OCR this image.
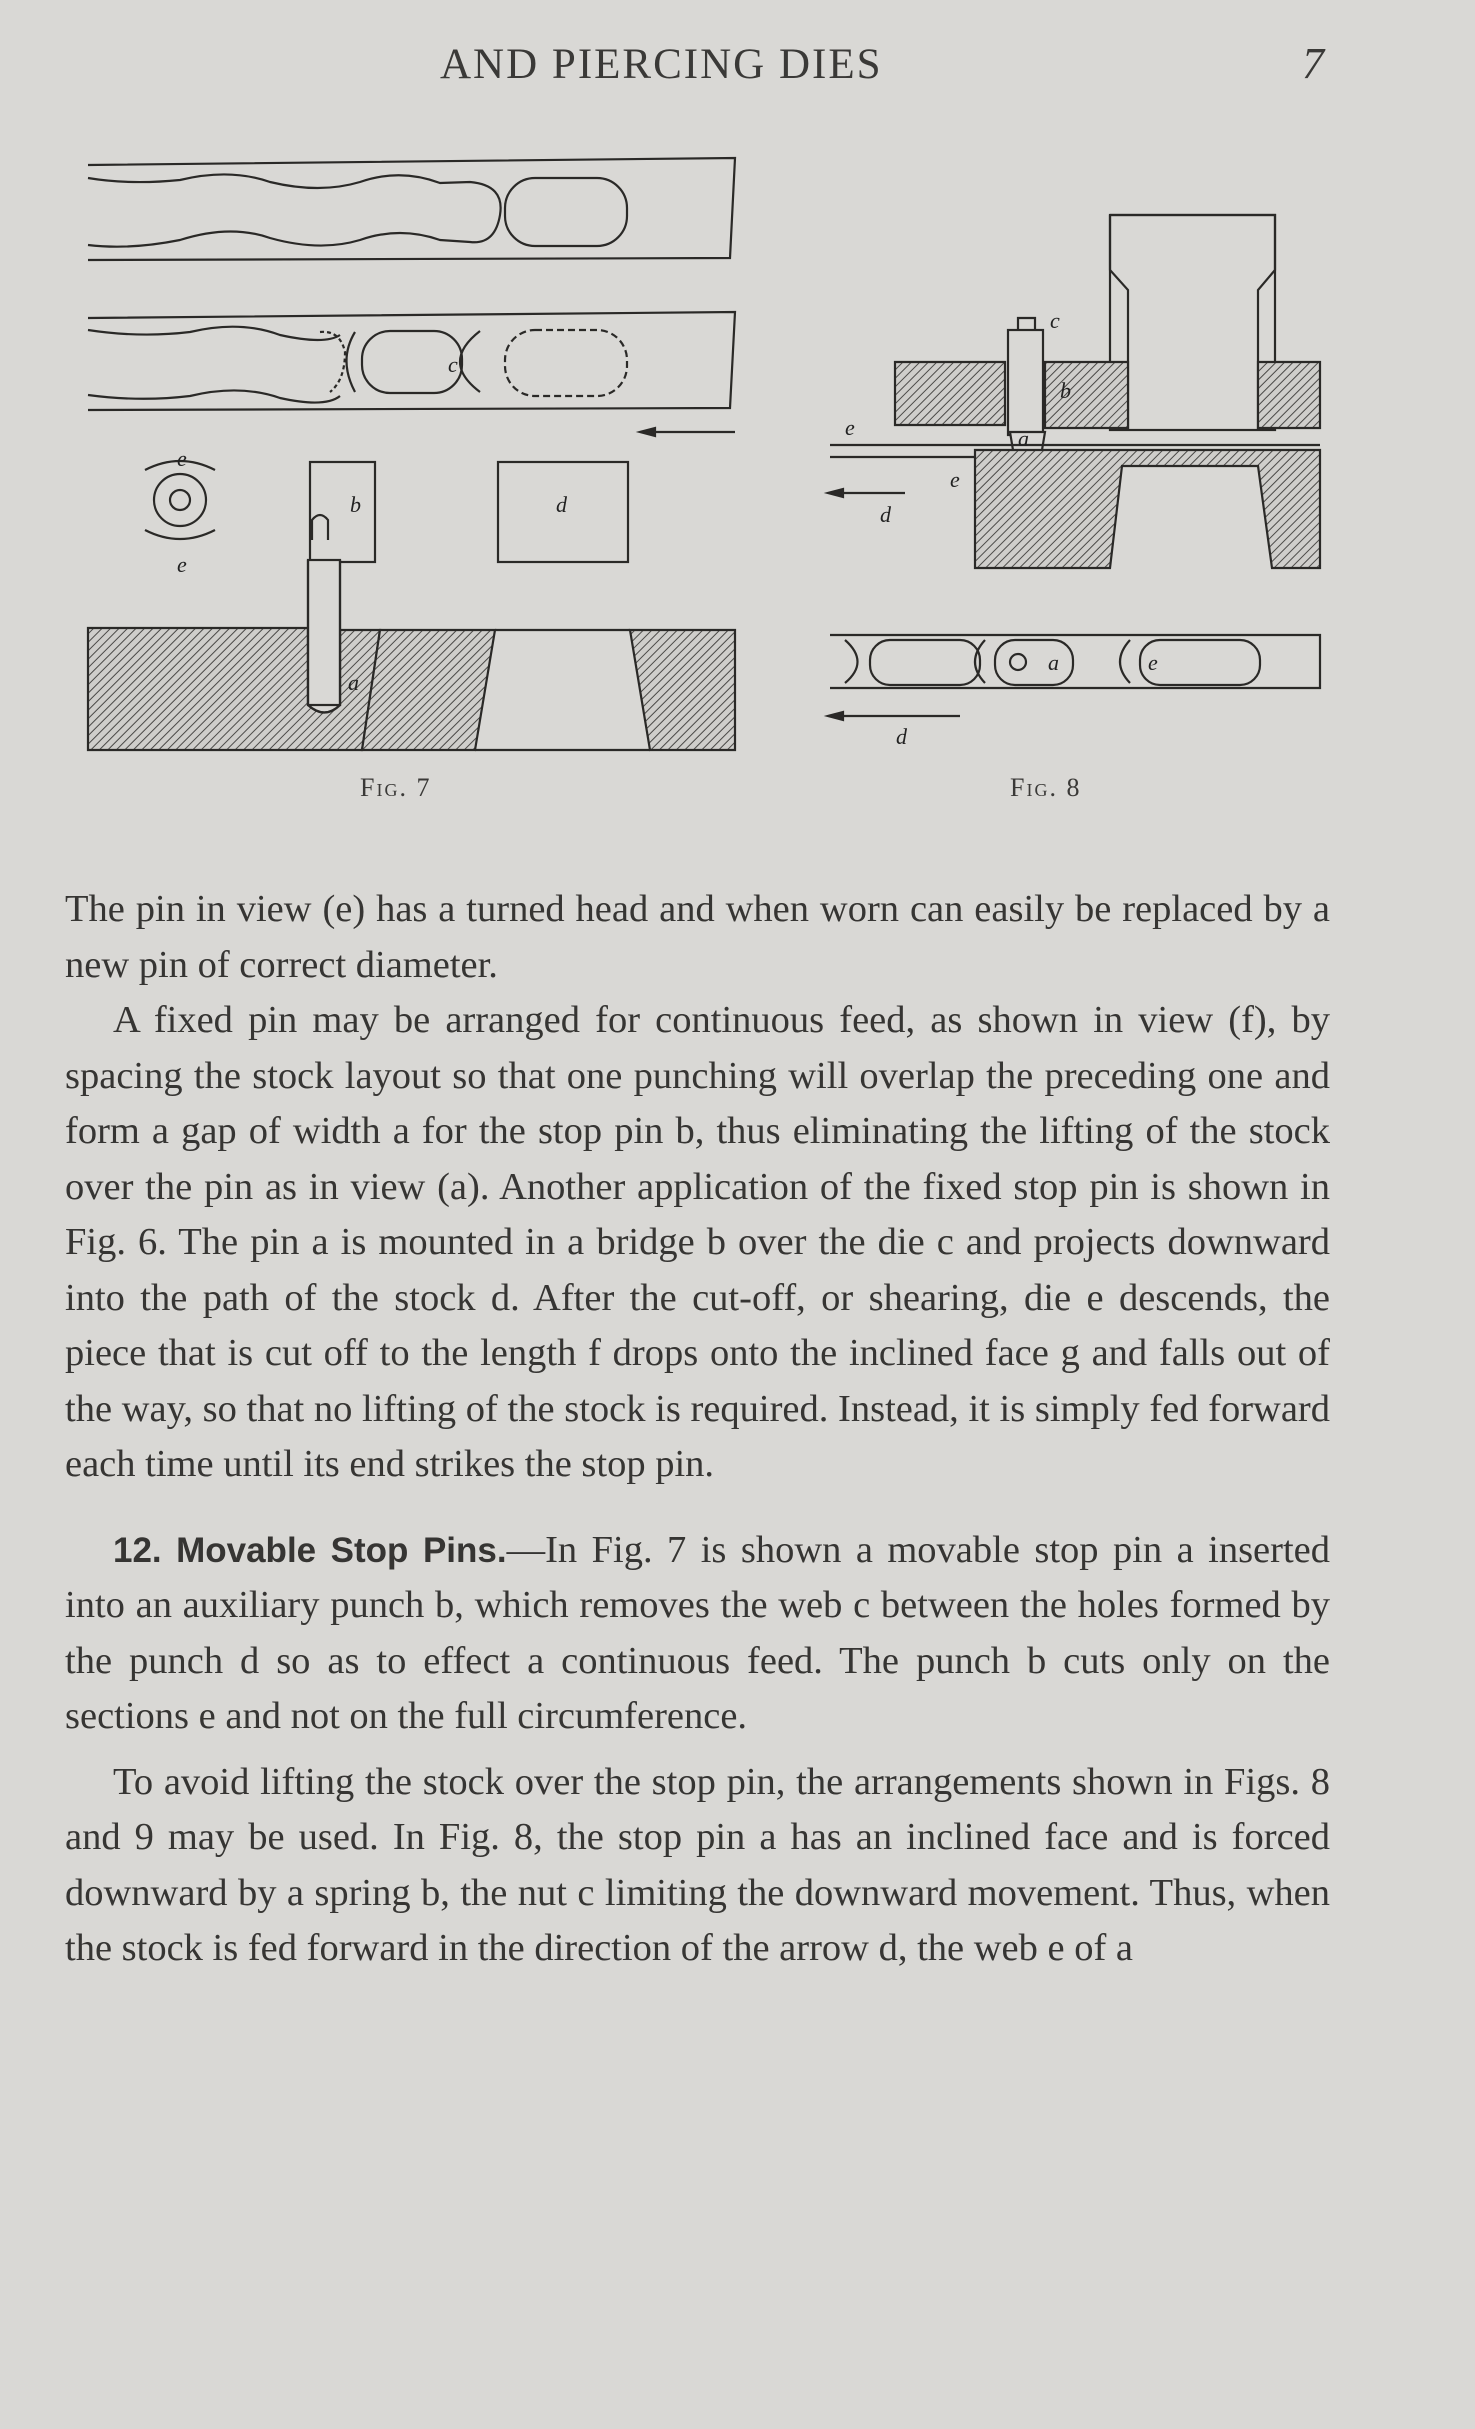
AND PIERCING DIES	7
e
e
b	d
c
a
c
b
a
e
e
d
a	e
d
Fig. 7	Fig. 8

The pin in view (e) has a turned head and when worn can easily be replaced by a new pin of correct diameter.

A fixed pin may be arranged for continuous feed, as shown in view (f), by spacing the stock layout so that one punching will overlap the preceding one and form a gap of width a for the stop pin b, thus eliminating the lifting of the stock over the pin as in view (a). Another application of the fixed stop pin is shown in Fig. 6. The pin a is mounted in a bridge b over the die c and projects downward into the path of the stock d. After the cut-off, or shearing, die e descends, the piece that is cut off to the length f drops onto the inclined face g and falls out of the way, so that no lifting of the stock is required. Instead, it is simply fed forward each time until its end strikes the stop pin.

12. Movable Stop Pins.—In Fig. 7 is shown a movable stop pin a inserted into an auxiliary punch b, which removes the web c between the holes formed by the punch d so as to effect a continuous feed. The punch b cuts only on the sections e and not on the full circumference.

To avoid lifting the stock over the stop pin, the arrangements shown in Figs. 8 and 9 may be used. In Fig. 8, the stop pin a has an inclined face and is forced downward by a spring b, the nut c limiting the downward movement. Thus, when the stock is fed forward in the direction of the arrow d, the web e of a
